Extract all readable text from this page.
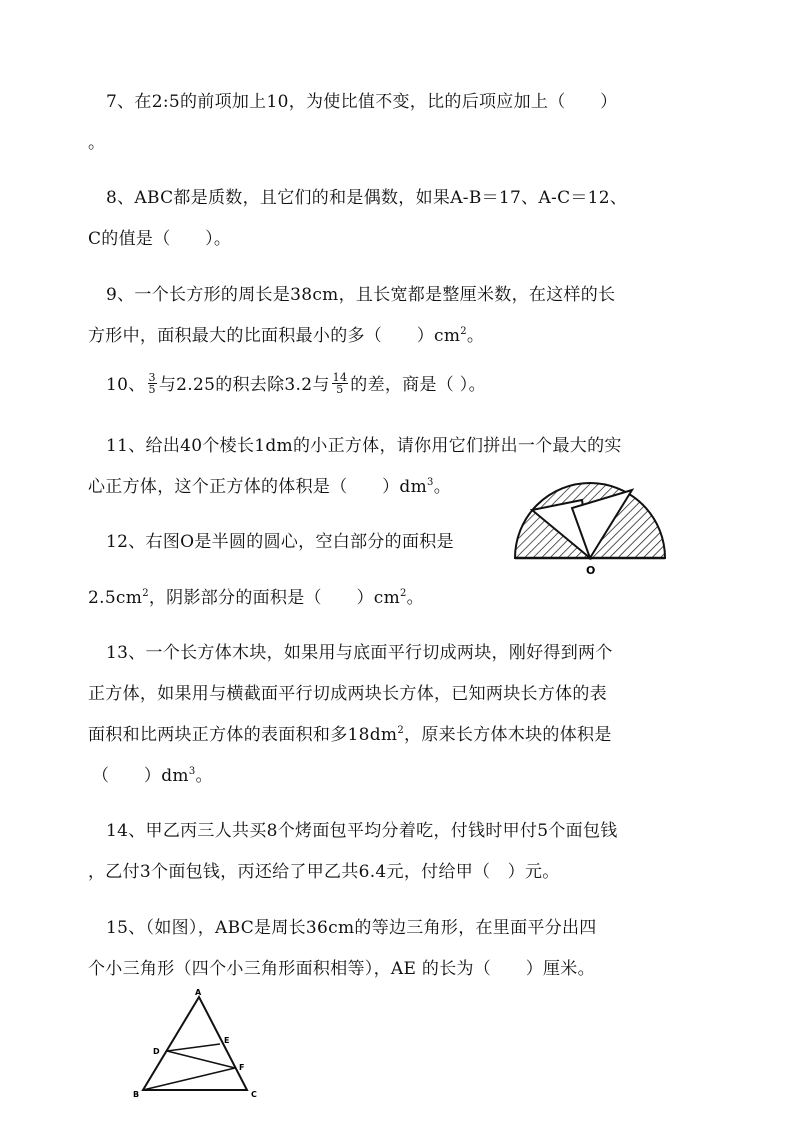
7、在2:5的前项加上10，为使比值不变，比的后项应加上（　　）
。
8、ABC都是质数，且它们的和是偶数，如果A-B＝17、A-C＝12、
C的值是（　　）。
9、一个长方形的周长是38cm，且长宽都是整厘米数，在这样的长
方形中，面积最大的比面积最小的多（　　）$cm^2$。
10、 $\frac{3}{5}$ 与2.25的积去除3.2与 $\frac{14}{5}$ 的差，商是（ ）。
11、给出40个棱长1dm的小正方体，请你用它们拼出一个最大的实
心正方体，这个正方体的体积是（　　）$dm^3$。
12、右图O是半圆的圆心，空白部分的面积是
$2.5cm^2$，阴影部分的面积是（　　）$cm^2$。
O
13、一个长方体木块，如果用与底面平行切成两块，刚好得到两个
正方体，如果用与横截面平行切成两块长方体，已知两块长方体的表
面积和比两块正方体的表面积和多$18dm^2$，原来长方体木块的体积是
（　　）$dm^3$。
14、甲乙丙三人共买8个烤面包平均分着吃，付钱时甲付5个面包钱
，乙付3个面包钱，丙还给了甲乙共6.4元，付给甲（　）元。
15、（如图），ABC是周长36cm的等边三角形，在里面平分出四
个小三角形（四个小三角形面积相等），AE 的长为（　　）厘米。
A
E
D
F
B	C
